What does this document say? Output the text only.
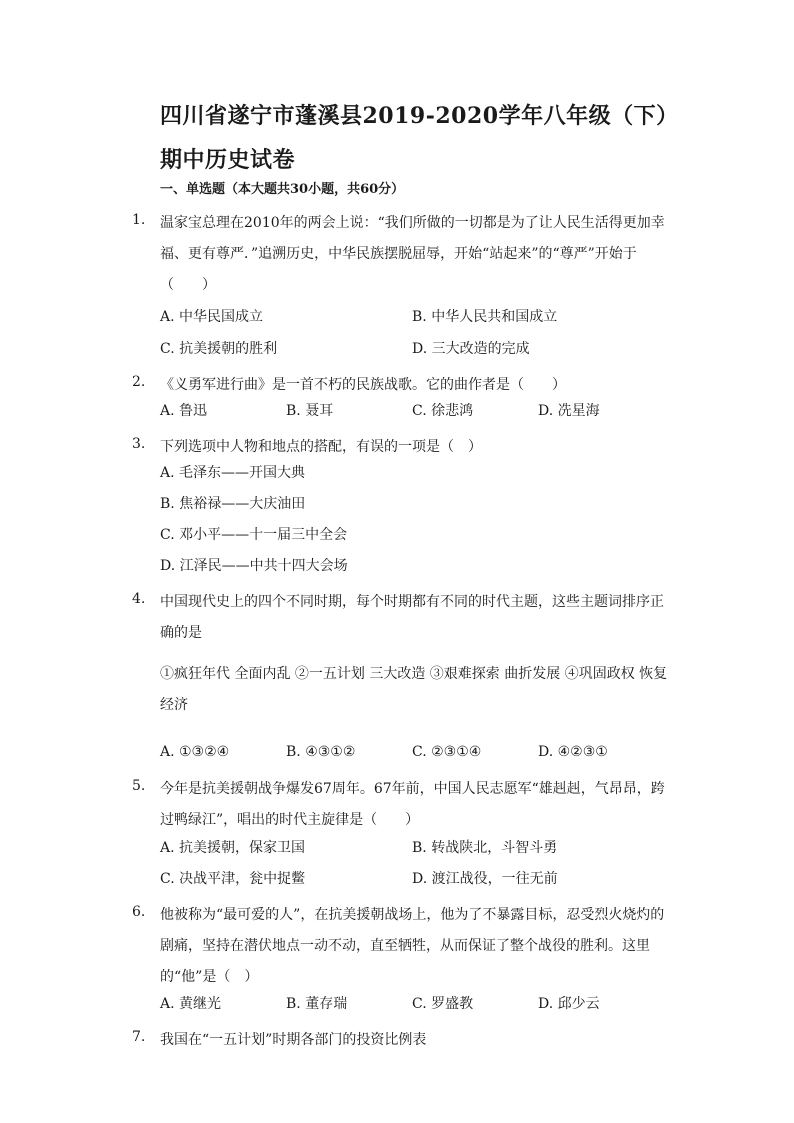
四川省遂宁市蓬溪县2019-2020学年八年级（下）期中历史试卷
一、单选题（本大题共30小题，共60分）
1.	温家宝总理在2010年的两会上说：“我们所做的一切都是为了让人民生活得更加幸福、更有尊严．”追溯历史，中华民族摆脱屈辱，开始“站起来”的“尊严”开始于（　　）
A. 中华民国成立	B. 中华人民共和国成立
C. 抗美援朝的胜利	D. 三大改造的完成
2.	《义勇军进行曲》是一首不朽的民族战歌。它的曲作者是（　　）
A. 鲁迅	B. 聂耳	C. 徐悲鸿	D. 冼星海
3.	下列选项中人物和地点的搭配，有误的一项是（　）
A. 毛泽东——开国大典
B. 焦裕禄——大庆油田
C. 邓小平——十一届三中全会
D. 江泽民——中共十四大会场
4.	中国现代史上的四个不同时期，每个时期都有不同的时代主题，这些主题词排序正确的是
①疯狂年代 全面内乱 ②一五计划 三大改造 ③艰难探索 曲折发展 ④巩固政权 恢复经济
A. ①③②④	B. ④③①②	C. ②③①④	D. ④②③①
5.	今年是抗美援朝战争爆发67周年。67年前，中国人民志愿军“雄赳赳，气昂昂，跨过鸭绿江”，唱出的时代主旋律是（　　）
A. 抗美援朝，保家卫国	B. 转战陕北，斗智斗勇
C. 决战平津，瓮中捉鳖	D. 渡江战役，一往无前
6.	他被称为“最可爱的人”，在抗美援朝战场上，他为了不暴露目标，忍受烈火烧灼的剧痛，坚持在潜伏地点一动不动，直至牺牲，从而保证了整个战役的胜利。这里的“他”是（　）
A. 黄继光	B. 董存瑞	C. 罗盛教	D. 邱少云
7.	我国在“一五计划”时期各部门的投资比例表
